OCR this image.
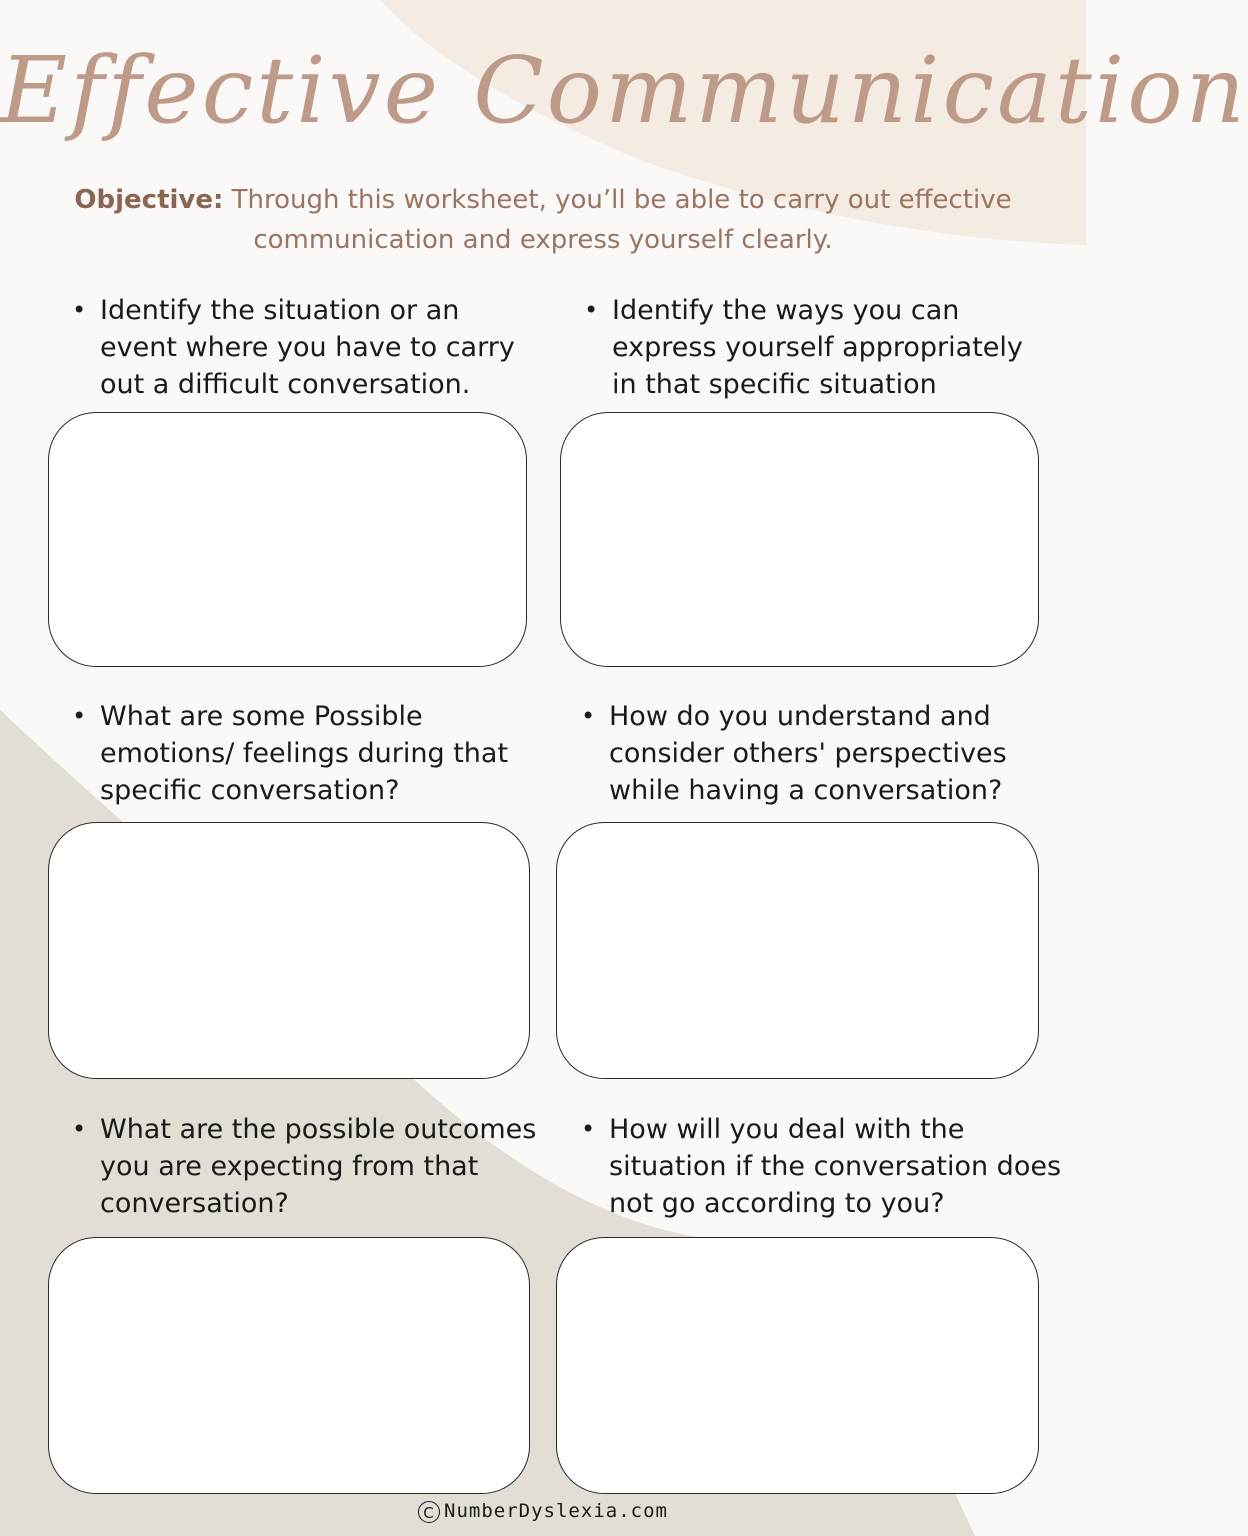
Effective Communication
Objective: Through this worksheet, you’ll be able to carry out effective communication and express yourself clearly.
• Identify the situation or an event where you have to carry out a difficult conversation.
• Identify the ways you can express yourself appropriately in that specific situation
• What are some Possible emotions/ feelings during that specific conversation?
• How do you understand and consider others' perspectives while having a conversation?
• What are the possible outcomes you are expecting from that conversation?
• How will you deal with the situation if the conversation does not go according to you?
C NumberDyslexia.com
